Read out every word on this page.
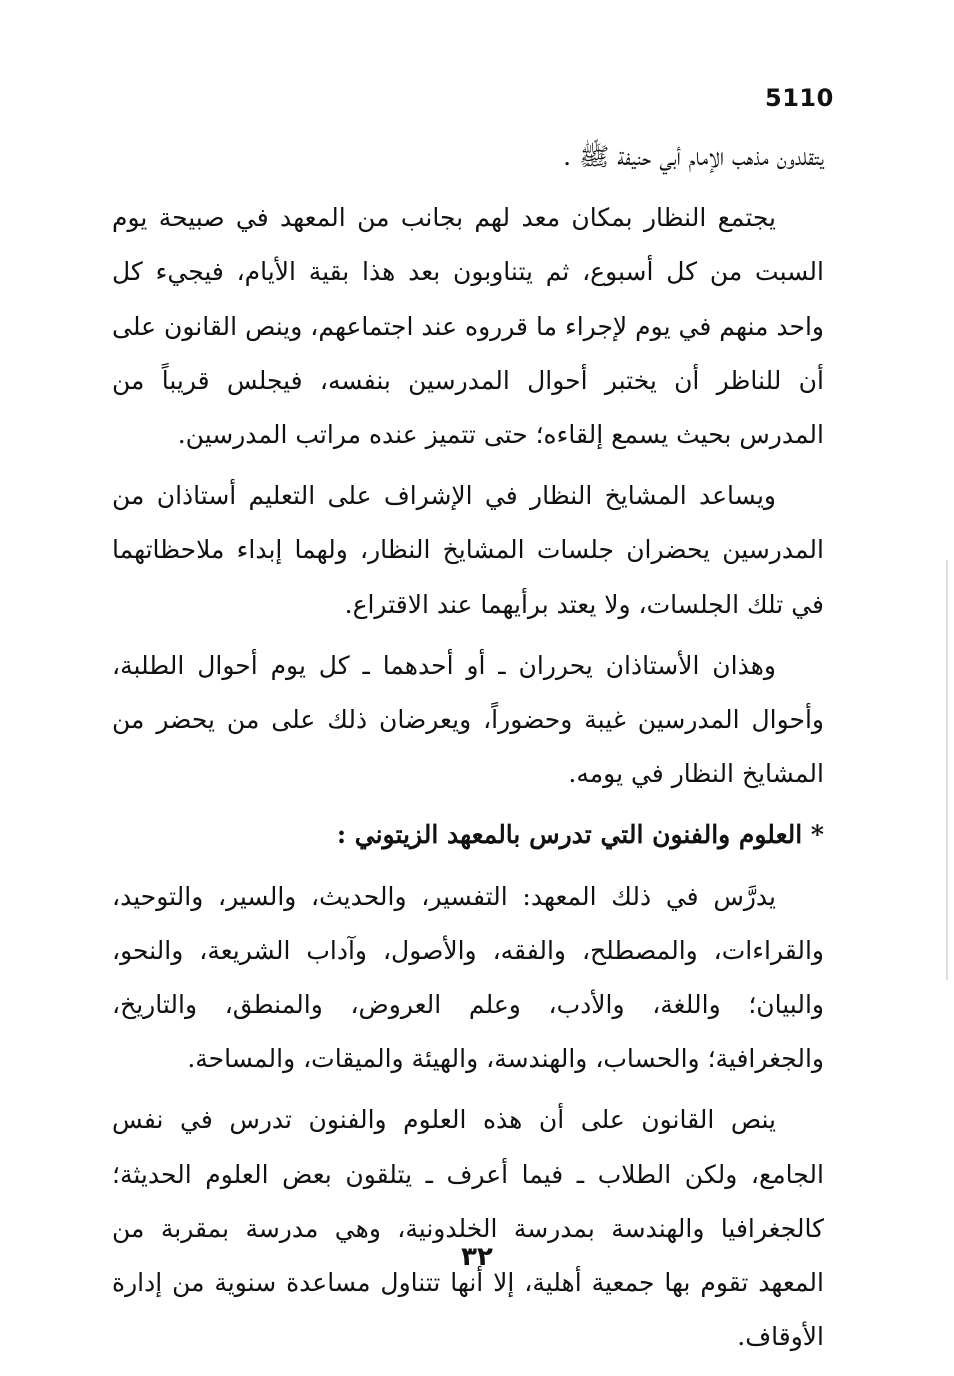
5110

يتقلدون مذهب الإمام أبي حنيفة ﷺ .

يجتمع النظار بمكان معد لهم بجانب من المعهد في صبيحة يوم السبت من كل أسبوع، ثم يتناوبون بعد هذا بقية الأيام، فيجيء كل واحد منهم في يوم لإجراء ما قرروه عند اجتماعهم، وينص القانون على أن للناظر أن يختبر أحوال المدرسين بنفسه، فيجلس قريباً من المدرس بحيث يسمع إلقاءه؛ حتى تتميز عنده مراتب المدرسين.

ويساعد المشايخ النظار في الإشراف على التعليم أستاذان من المدرسين يحضران جلسات المشايخ النظار، ولهما إبداء ملاحظاتهما في تلك الجلسات، ولا يعتد برأيهما عند الاقتراع.

وهذان الأستاذان يحرران ـ أو أحدهما ـ كل يوم أحوال الطلبة، وأحوال المدرسين غيبة وحضوراً، ويعرضان ذلك على من يحضر من المشايخ النظار في يومه.

* العلوم والفنون التي تدرس بالمعهد الزيتوني :

يدرَّس في ذلك المعهد: التفسير، والحديث، والسير، والتوحيد، والقراءات، والمصطلح، والفقه، والأصول، وآداب الشريعة، والنحو، والبيان؛ واللغة، والأدب، وعلم العروض، والمنطق، والتاريخ، والجغرافية؛ والحساب، والهندسة، والهيئة والميقات، والمساحة.

ينص القانون على أن هذه العلوم والفنون تدرس في نفس الجامع، ولكن الطلاب ـ فيما أعرف ـ يتلقون بعض العلوم الحديثة؛ كالجغرافيا والهندسة بمدرسة الخلدونية، وهي مدرسة بمقربة من المعهد تقوم بها جمعية أهلية، إلا أنها تتناول مساعدة سنوية من إدارة الأوقاف.

٣٢
